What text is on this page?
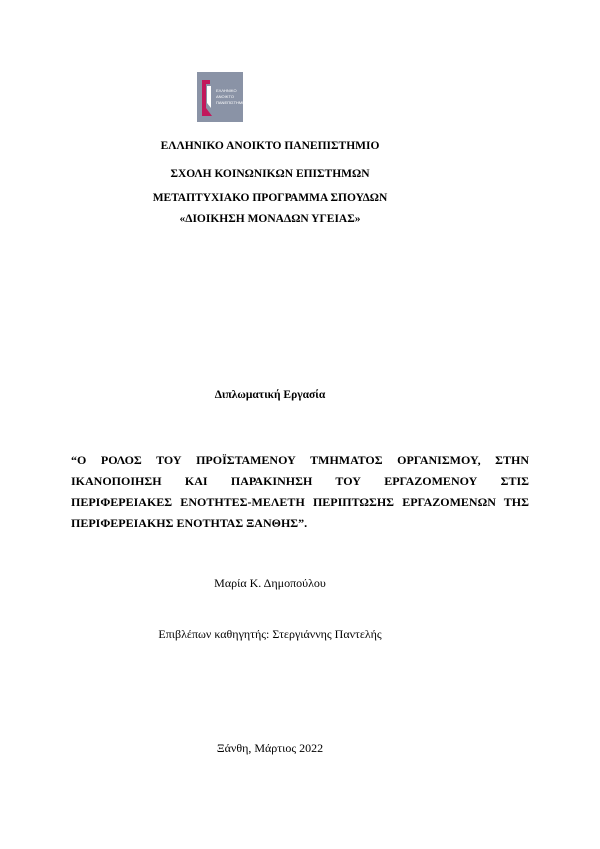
ΕΛΛΗΝΙΚΟ
ΑΝΟΙΚΤΟ
ΠΑΝΕΠΙΣΤΗΜΙΟ
ΕΛΛΗΝΙΚΟ ΑΝΟΙΚΤΟ ΠΑΝΕΠΙΣΤΗΜΙΟ
ΣΧΟΛΗ ΚΟΙΝΩΝΙΚΩΝ ΕΠΙΣΤΗΜΩΝ
ΜΕΤΑΠΤΥΧΙΑΚΟ ΠΡΟΓΡΑΜΜΑ ΣΠΟΥΔΩΝ
«ΔΙΟΙΚΗΣΗ ΜΟΝΑΔΩΝ ΥΓΕΙΑΣ»
Διπλωματική Εργασία
“Ο ΡΟΛΟΣ ΤΟΥ ΠΡΟΪΣΤΑΜΕΝΟΥ ΤΜΗΜΑΤΟΣ ΟΡΓΑΝΙΣΜΟΥ, ΣΤΗΝ ΙΚΑΝΟΠΟΙΗΣΗ ΚΑΙ ΠΑΡΑΚΙΝΗΣΗ ΤΟΥ ΕΡΓΑΖΟΜΕΝΟΥ ΣΤΙΣ ΠΕΡΙΦΕΡΕΙΑΚΕΣ ΕΝΟΤΗΤΕΣ-ΜΕΛΕΤΗ ΠΕΡΙΠΤΩΣΗΣ ΕΡΓΑΖΟΜΕΝΩΝ ΤΗΣ ΠΕΡΙΦΕΡΕΙΑΚΗΣ ΕΝΟΤΗΤΑΣ ΞΑΝΘΗΣ”.
Μαρία Κ. Δημοπούλου
Επιβλέπων καθηγητής: Στεργιάννης Παντελής
Ξάνθη, Μάρτιος 2022
